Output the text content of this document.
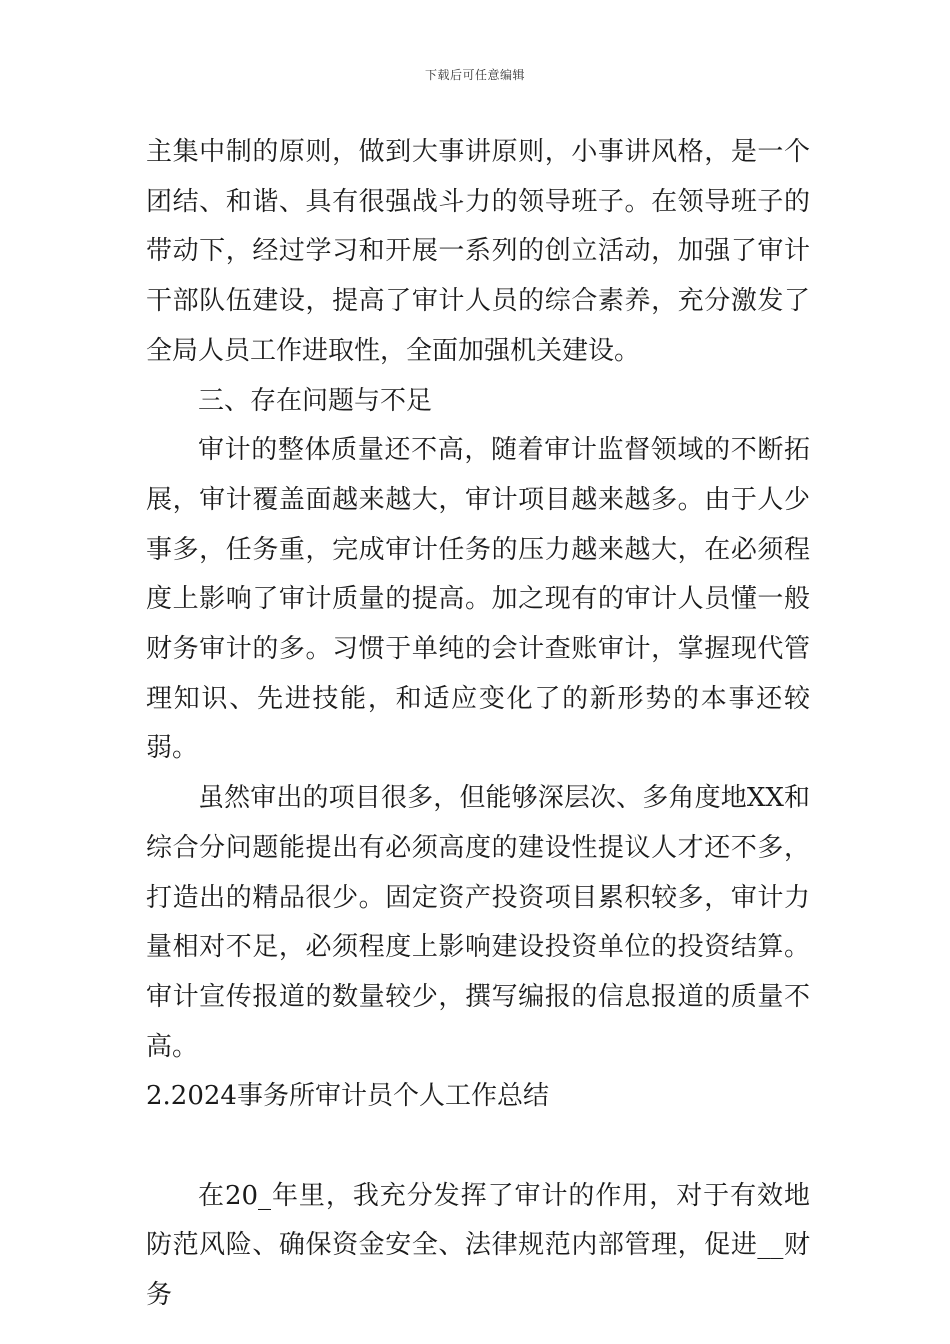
下载后可任意编辑

主集中制的原则，做到大事讲原则，小事讲风格，是一个团结、和谐、具有很强战斗力的领导班子。在领导班子的带动下，经过学习和开展一系列的创立活动，加强了审计干部队伍建设，提高了审计人员的综合素养，充分激发了全局人员工作进取性，全面加强机关建设。

三、存在问题与不足

审计的整体质量还不高，随着审计监督领域的不断拓展，审计覆盖面越来越大，审计项目越来越多。由于人少事多，任务重，完成审计任务的压力越来越大，在必须程度上影响了审计质量的提高。加之现有的审计人员懂一般财务审计的多。习惯于单纯的会计查账审计，掌握现代管理知识、先进技能，和适应变化了的新形势的本事还较弱。

虽然审出的项目很多，但能够深层次、多角度地XX和综合分问题能提出有必须高度的建设性提议人才还不多，打造出的精品很少。固定资产投资项目累积较多，审计力量相对不足，必须程度上影响建设投资单位的投资结算。审计宣传报道的数量较少，撰写编报的信息报道的质量不高。

2.2024事务所审计员个人工作总结

在20_年里，我充分发挥了审计的作用，对于有效地防范风险、确保资金安全、法律规范内部管理，促进__财务
